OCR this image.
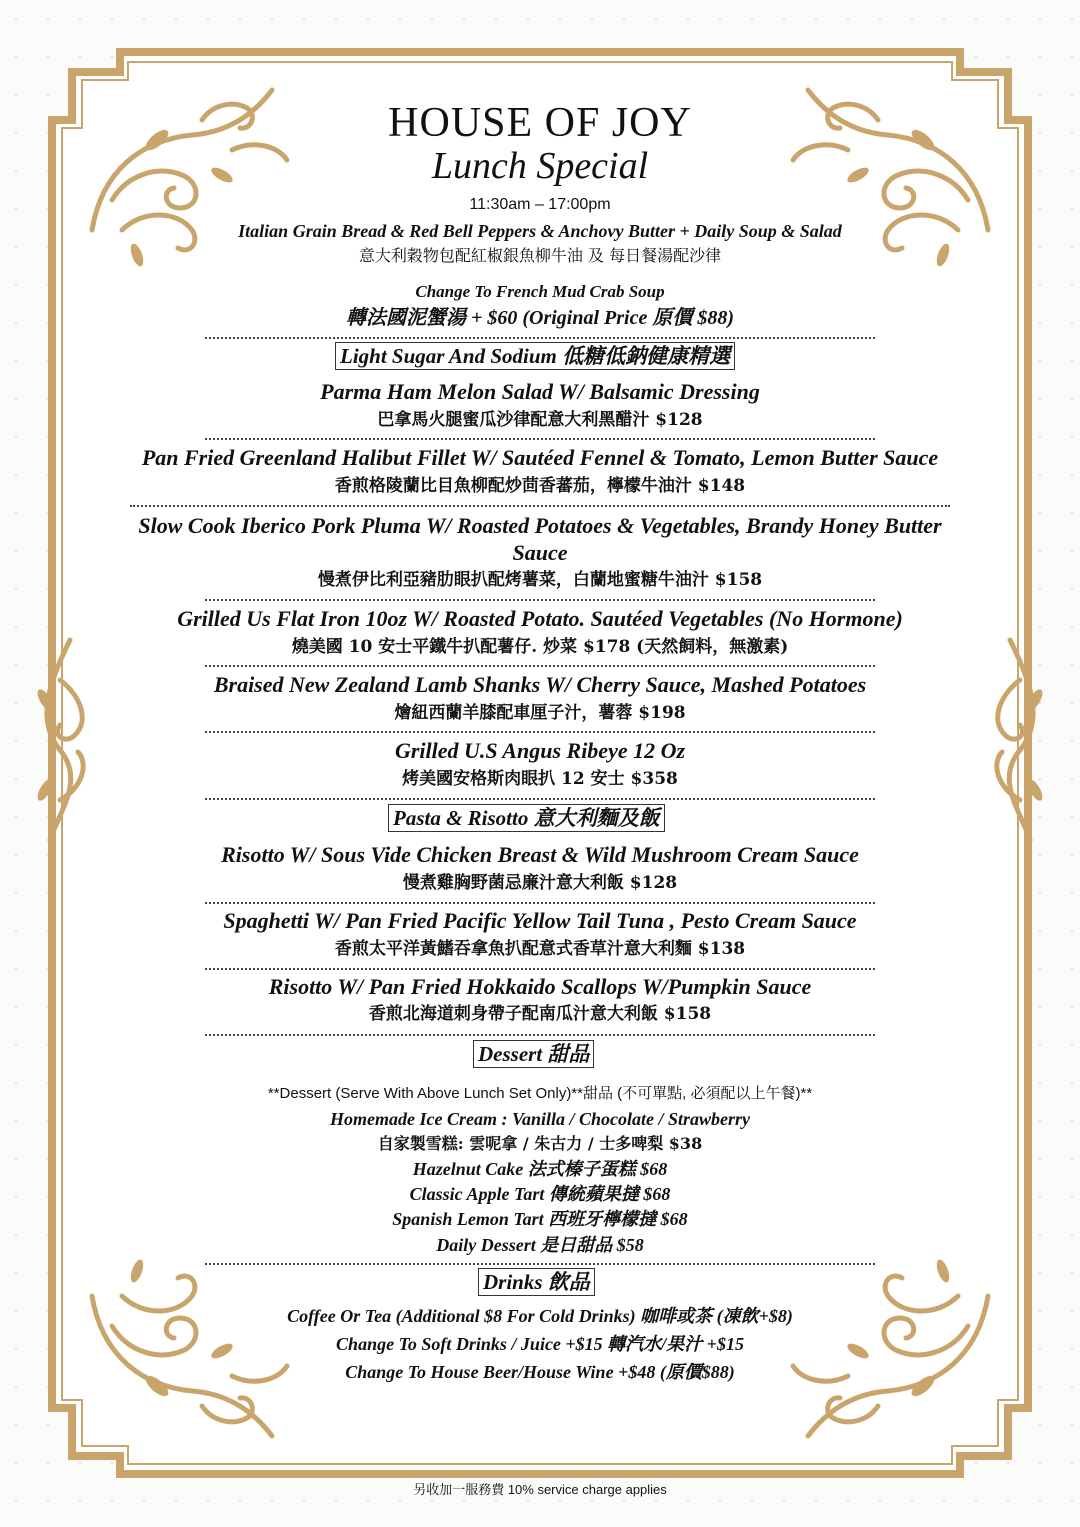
HOUSE OF JOY
Lunch Special
11:30am – 17:00pm
Italian Grain Bread & Red Bell Peppers & Anchovy Butter + Daily Soup & Salad
意大利穀物包配紅椒銀魚柳牛油 及 每日餐湯配沙律
Change To French Mud Crab Soup
轉法國泥蟹湯 + $60 (Original Price 原價 $88)
Light Sugar And Sodium 低糖低鈉健康精選
Parma Ham Melon Salad W/ Balsamic Dressing
巴拿馬火腿蜜瓜沙律配意大利黑醋汁 $128
Pan Fried Greenland Halibut Fillet W/ Sautéed Fennel & Tomato, Lemon Butter Sauce
香煎格陵蘭比目魚柳配炒茴香蕃茄，檸檬牛油汁 $148
Slow Cook Iberico Pork Pluma W/ Roasted Potatoes & Vegetables, Brandy Honey Butter
Sauce
慢煮伊比利亞豬肋眼扒配烤薯菜，白蘭地蜜糖牛油汁 $158
Grilled Us Flat Iron 10oz W/ Roasted Potato. Sautéed Vegetables (No Hormone)
燒美國 10 安士平鐵牛扒配薯仔. 炒菜 $178 (天然飼料，無激素)
Braised New Zealand Lamb Shanks W/ Cherry Sauce, Mashed Potatoes
燴紐西蘭羊膝配車厘子汁，薯蓉 $198
Grilled U.S Angus Ribeye 12 Oz
烤美國安格斯肉眼扒 12 安士 $358
Pasta & Risotto 意大利麵及飯
Risotto W/ Sous Vide Chicken Breast & Wild Mushroom Cream Sauce
慢煮雞胸野菌忌廉汁意大利飯 $128
Spaghetti W/ Pan Fried Pacific Yellow Tail Tuna , Pesto Cream Sauce
香煎太平洋黃鰭吞拿魚扒配意式香草汁意大利麵 $138
Risotto W/ Pan Fried Hokkaido Scallops W/Pumpkin Sauce
香煎北海道刺身帶子配南瓜汁意大利飯 $158
Dessert 甜品
**Dessert (Serve With Above Lunch Set Only)**甜品 (不可單點, 必須配以上午餐)**
Homemade Ice Cream : Vanilla / Chocolate / Strawberry
自家製雪糕: 雲呢拿 / 朱古力 / 士多啤梨 $38
Hazelnut Cake 法式榛子蛋糕 $68
Classic Apple Tart 傳統蘋果撻 $68
Spanish Lemon Tart 西班牙檸檬撻 $68
Daily Dessert 是日甜品 $58
Drinks 飲品
Coffee Or Tea (Additional $8 For Cold Drinks) 咖啡或茶 (凍飲+$8)
Change To Soft Drinks / Juice +$15 轉汽水/果汁 +$15
Change To House Beer/House Wine +$48 (原價$88)
另收加一服務費 10% service charge applies
